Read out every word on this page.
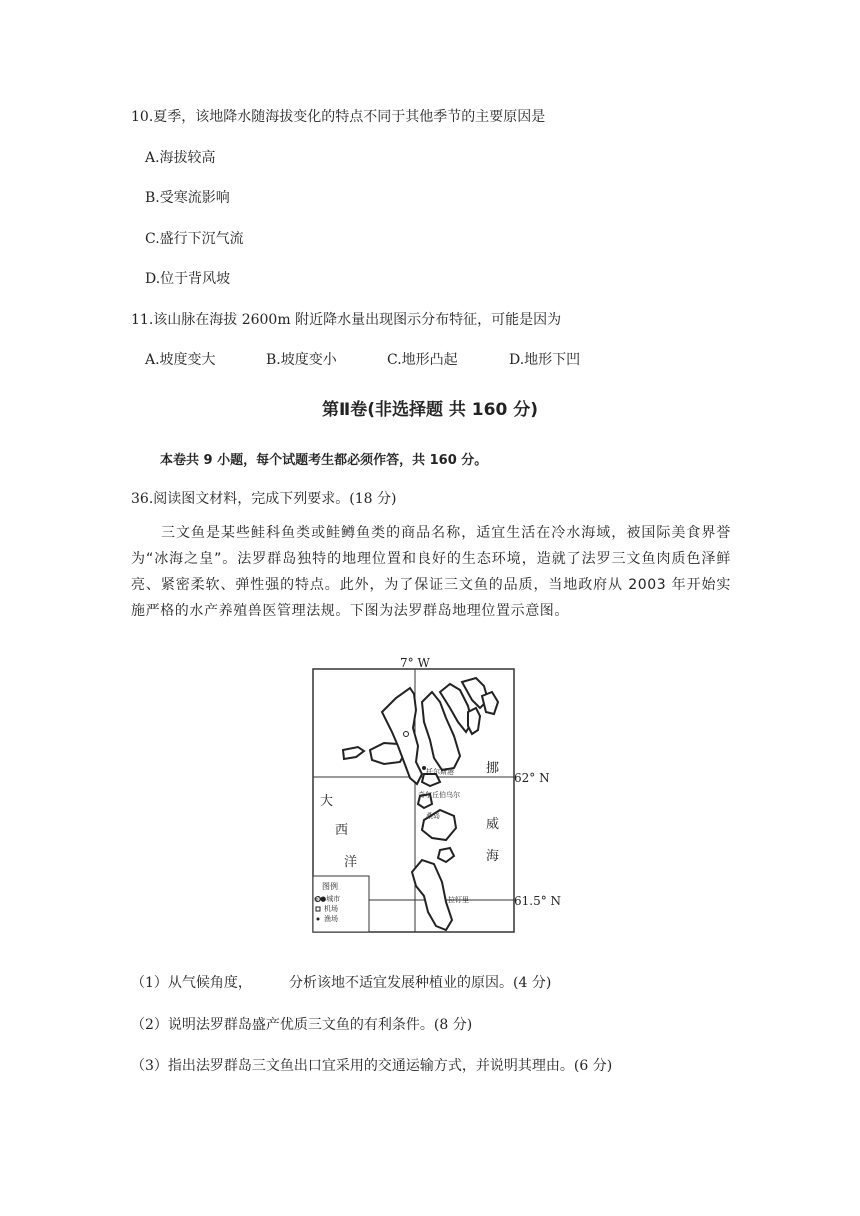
10.夏季，该地降水随海拔变化的特点不同于其他季节的主要原因是
A.海拔较高
B.受寒流影响
C.盛行下沉气流
D.位于背风坡
11.该山脉在海拔 2600m 附近降水量出现图示分布特征，可能是因为
A.坡度变大	B.坡度变小	C.地形凸起	D.地形下凹
第Ⅱ卷(非选择题 共 160 分)
本卷共 9 小题，每个试题考生都必须作答，共 160 分。
36.阅读图文材料，完成下列要求。(18 分)
三文鱼是某些鲑科鱼类或鲑鳟鱼类的商品名称，适宜生活在冷水海域，被国际美食界誉为“冰海之皇”。法罗群岛独特的地理位置和良好的生态环境，造就了法罗三文鱼肉质色泽鲜亮、紧密柔软、弹性强的特点。此外，为了保证三文鱼的品质，当地政府从 2003 年开始实施严格的水产养殖兽医管理法规。下图为法罗群岛地理位置示意图。
7° W
62° N
61.5° N
大
西
洋
挪
威
海
托尔斯港
奇尔丘伯乌尔
桑岛
拉钉里
图例
◎●城市
机场
渔场
（1）从气候角度，	分析该地不适宜发展种植业的原因。(4 分)
（2）说明法罗群岛盛产优质三文鱼的有利条件。(8 分)
（3）指出法罗群岛三文鱼出口宜采用的交通运输方式，并说明其理由。(6 分)
